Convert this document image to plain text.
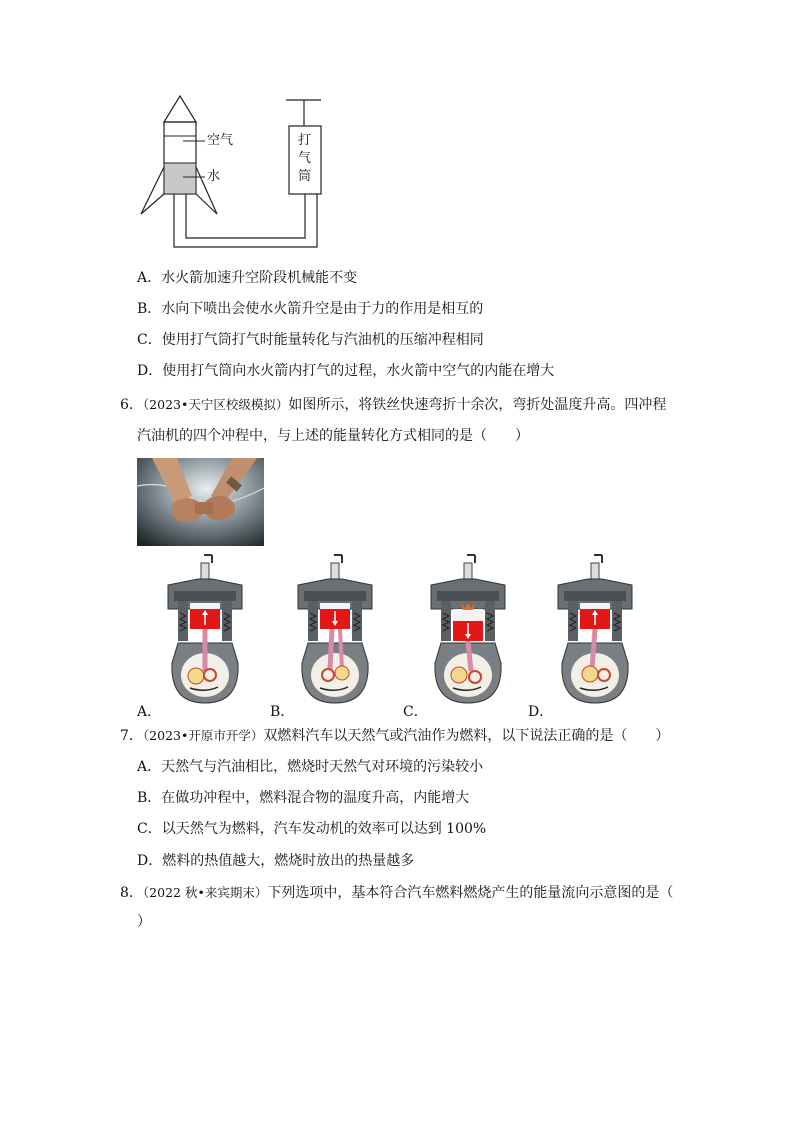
空气
水
打
气
筒
A．水火箭加速升空阶段机械能不变
B．水向下喷出会使水火箭升空是由于力的作用是相互的
C．使用打气筒打气时能量转化与汽油机的压缩冲程相同
D．使用打气筒向水火箭内打气的过程，水火箭中空气的内能在增大
6．（2023•天宁区校级模拟）如图所示，将铁丝快速弯折十余次，弯折处温度升高。四冲程
汽油机的四个冲程中，与上述的能量转化方式相同的是（　　）
A．	B．	C．	D．
7．（2023•开原市开学）双燃料汽车以天然气或汽油作为燃料，以下说法正确的是（　　）
A．天然气与汽油相比，燃烧时天然气对环境的污染较小
B．在做功冲程中，燃料混合物的温度升高，内能增大
C．以天然气为燃料，汽车发动机的效率可以达到 100%
D．燃料的热值越大，燃烧时放出的热量越多
8．（2022 秋•来宾期末）下列选项中，基本符合汽车燃料燃烧产生的能量流向示意图的是（
）
